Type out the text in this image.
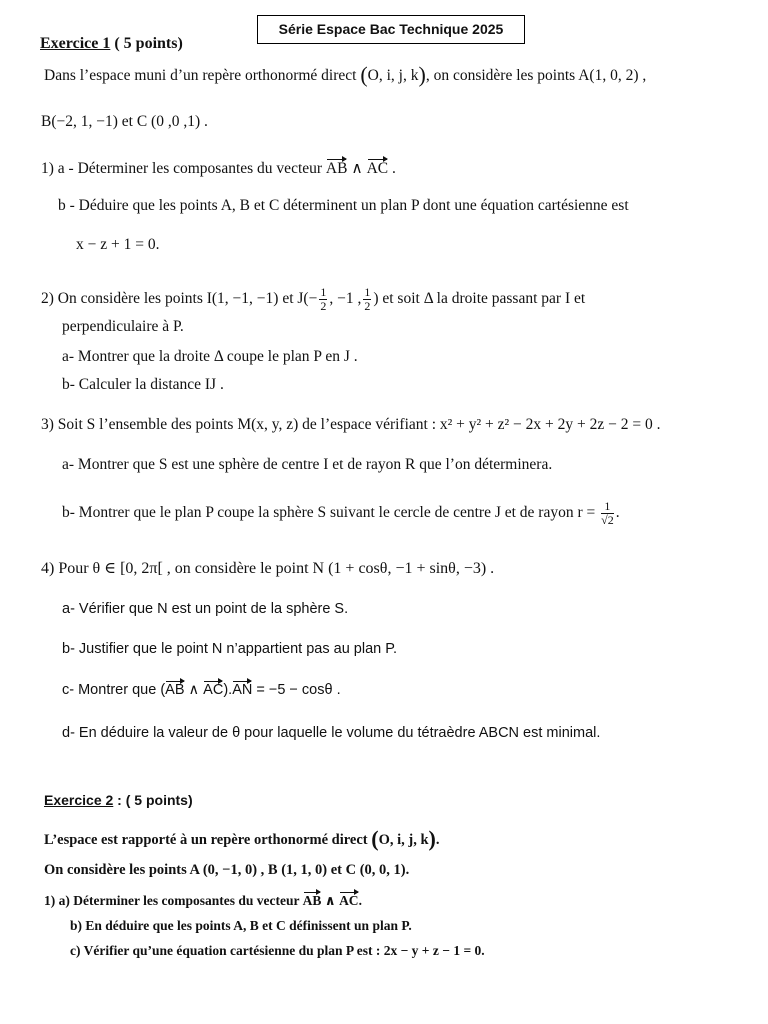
Série Espace Bac Technique 2025
Exercice 1 ( 5 points)
Dans l’espace muni d’un repère orthonormé direct (O, i, j, k), on considère les points A(1, 0, 2) ,
B(−2, 1, −1) et C (0 ,0 ,1) .
1) a - Déterminer les composantes du vecteur AB ∧ AC .
b - Déduire que les points A, B et C déterminent un plan P dont une équation cartésienne est
x − z + 1 = 0.
2) On considère les points I(1, −1, −1) et $J(- \frac{1}{2}$ , −1 , $\frac{1}{2}$ ) et soit Δ la droite passant par I et
perpendiculaire à P.
a- Montrer que la droite Δ coupe le plan P en J .
b- Calculer la distance IJ .
3) Soit S l’ensemble des points M(x, y, z) de l’espace vérifiant : x² + y² + z² − 2x + 2y + 2z − 2 = 0 .
a- Montrer que S est une sphère de centre I et de rayon R que l’on déterminera.
b- Montrer que le plan P coupe la sphère S suivant le cercle de centre J et de rayon $r = \frac{1}{√2}$ .
4) Pour θ ∈ [0, 2π[ , on considère le point N (1 + cosθ, −1 + sinθ, −3) .
a- Vérifier que N est un point de la sphère S.
b- Justifier que le point N n’appartient pas au plan P.
c- Montrer que (AB ∧ AC).AN = −5 − cosθ .
d- En déduire la valeur de θ pour laquelle le volume du tétraèdre ABCN est minimal.
Exercice 2 : ( 5 points)
L’espace est rapporté à un repère orthonormé direct (O, i, j, k).
On considère les points A (0, −1, 0) , B (1, 1, 0) et C (0, 0, 1).
1) a) Déterminer les composantes du vecteur AB ∧ AC.
b) En déduire que les points A, B et C définissent un plan P.
c) Vérifier qu’une équation cartésienne du plan P est : 2x − y + z − 1 = 0.
